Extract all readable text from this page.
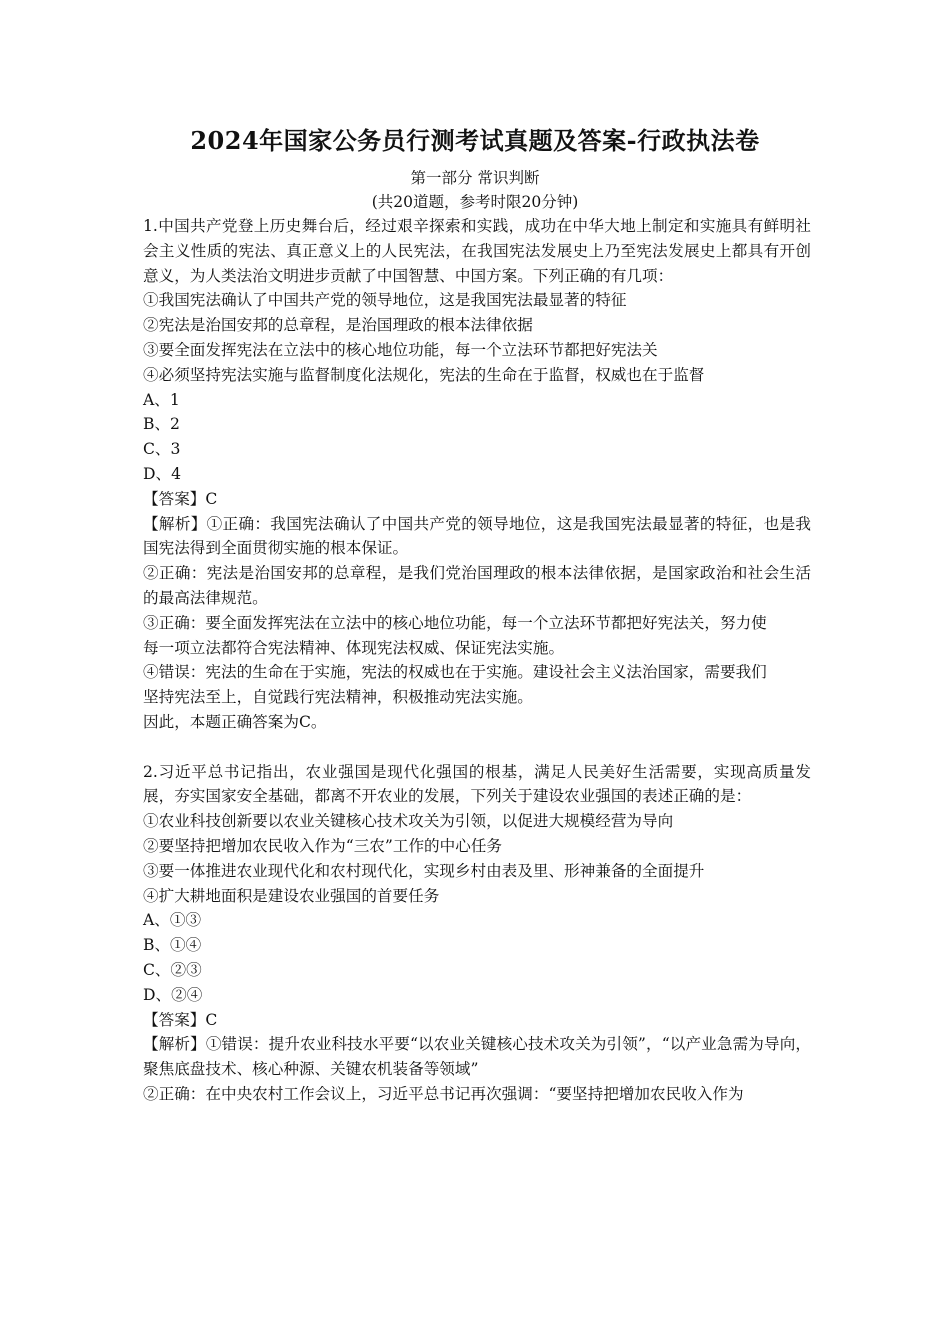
2024年国家公务员行测考试真题及答案-行政执法卷
第一部分 常识判断
(共20道题，参考时限20分钟)

1.中国共产党登上历史舞台后，经过艰辛探索和实践，成功在中华大地上制定和实施具有鲜明社会主义性质的宪法、真正意义上的人民宪法，在我国宪法发展史上乃至宪法发展史上都具有开创意义，为人类法治文明进步贡献了中国智慧、中国方案。下列正确的有几项：

①我国宪法确认了中国共产党的领导地位，这是我国宪法最显著的特征

②宪法是治国安邦的总章程，是治国理政的根本法律依据

③要全面发挥宪法在立法中的核心地位功能，每一个立法环节都把好宪法关

④必须坚持宪法实施与监督制度化法规化，宪法的生命在于监督，权威也在于监督

A、1

B、2

C、3

D、4

【答案】C

【解析】①正确：我国宪法确认了中国共产党的领导地位，这是我国宪法最显著的特征，也是我国宪法得到全面贯彻实施的根本保证。

②正确：宪法是治国安邦的总章程，是我们党治国理政的根本法律依据，是国家政治和社会生活的最高法律规范。

③正确：要全面发挥宪法在立法中的核心地位功能，每一个立法环节都把好宪法关，努力使

每一项立法都符合宪法精神、体现宪法权威、保证宪法实施。

④错误：宪法的生命在于实施，宪法的权威也在于实施。建设社会主义法治国家，需要我们

坚持宪法至上，自觉践行宪法精神，积极推动宪法实施。

因此，本题正确答案为C。

2.习近平总书记指出，农业强国是现代化强国的根基，满足人民美好生活需要，实现高质量发展，夯实国家安全基础，都离不开农业的发展，下列关于建设农业强国的表述正确的是：

①农业科技创新要以农业关键核心技术攻关为引领，以促进大规模经营为导向

②要坚持把增加农民收入作为“三农”工作的中心任务

③要一体推进农业现代化和农村现代化，实现乡村由表及里、形神兼备的全面提升

④扩大耕地面积是建设农业强国的首要任务

A、①③

B、①④

C、②③

D、②④

【答案】C

【解析】①错误：提升农业科技水平要“以农业关键核心技术攻关为引领”，“以产业急需为导向，聚焦底盘技术、核心种源、关键农机装备等领域”

②正确：在中央农村工作会议上，习近平总书记再次强调：“要坚持把增加农民收入作为
